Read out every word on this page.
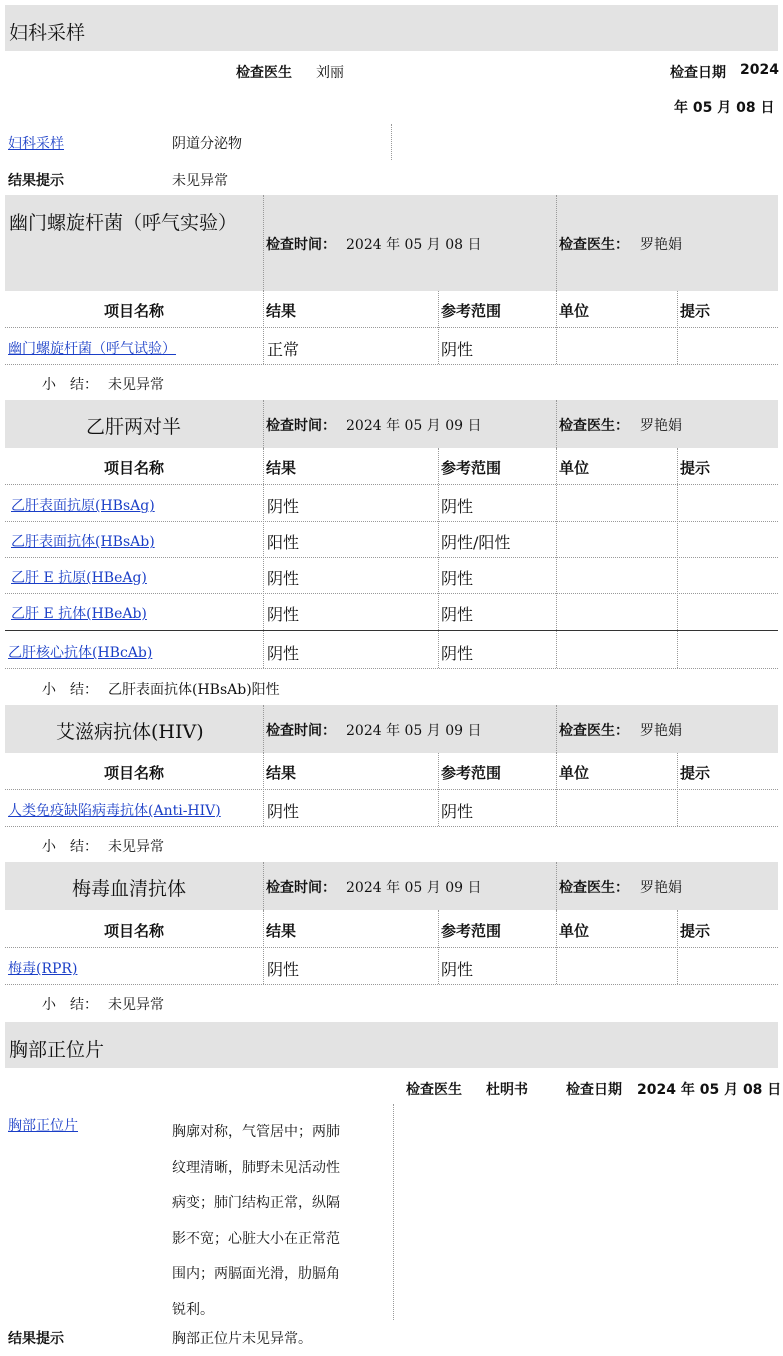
妇科采样
检查医生 刘丽	检查日期 2024
年 05 月 08 日
妇科采样	阴道分泌物
结果提示	未见异常
幽门螺旋杆菌（呼气实验）
检查时间： 2024 年 05 月 08 日	检查医生： 罗艳娟
项目名称	结果	参考范围	单位	提示
幽门螺旋杆菌（呼气试验）	正常	阴性
小　结： 未见异常
乙肝两对半	检查时间： 2024 年 05 月 09 日	检查医生： 罗艳娟
项目名称	结果	参考范围	单位	提示
乙肝表面抗原(HBsAg)	阴性	阴性
乙肝表面抗体(HBsAb)	阳性	阴性/阳性
乙肝 E 抗原(HBeAg)	阴性	阴性
乙肝 E 抗体(HBeAb)	阴性	阴性
乙肝核心抗体(HBcAb)	阴性	阴性
小　结： 乙肝表面抗体(HBsAb)阳性
艾滋病抗体(HIV)	检查时间： 2024 年 05 月 09 日	检查医生： 罗艳娟
项目名称	结果	参考范围	单位	提示
人类免疫缺陷病毒抗体(Anti-HIV)	阴性	阴性
小　结： 未见异常
梅毒血清抗体	检查时间： 2024 年 05 月 09 日	检查医生： 罗艳娟
项目名称	结果	参考范围	单位	提示
梅毒(RPR)	阴性	阴性
小　结： 未见异常
胸部正位片
检查医生 杜明书	检查日期 2024 年 05 月 08 日
胸部正位片	胸廓对称，气管居中；两肺
纹理清晰，肺野未见活动性
病变；肺门结构正常，纵隔
影不宽；心脏大小在正常范
围内；两膈面光滑，肋膈角
锐利。
结果提示	胸部正位片未见异常。
